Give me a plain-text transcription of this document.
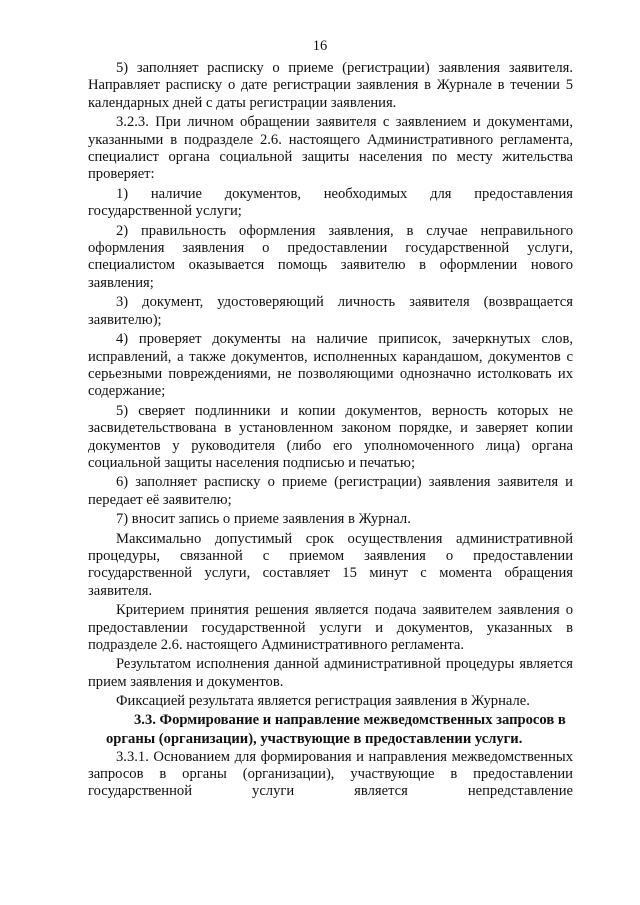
16

5) заполняет расписку о приеме (регистрации) заявления заявителя. Направляет расписку о дате регистрации заявления в Журнале в течении 5 календарных дней с даты регистрации заявления.

3.2.3. При личном обращении заявителя с заявлением и документами, указанными в подразделе 2.6. настоящего Административного регламента, специалист органа социальной защиты населения по месту жительства проверяет:

1) наличие документов, необходимых для предоставления государственной услуги;

2) правильность оформления заявления, в случае неправильного оформления заявления о предоставлении государственной услуги, специалистом оказывается помощь заявителю в оформлении нового заявления;

3) документ, удостоверяющий личность заявителя (возвращается заявителю);

4) проверяет документы на наличие приписок, зачеркнутых слов, исправлений, а также документов, исполненных карандашом, документов с серьезными повреждениями, не позволяющими однозначно истолковать их содержание;

5) сверяет подлинники и копии документов, верность которых не засвидетельствована в установленном законом порядке, и заверяет копии документов у руководителя (либо его уполномоченного лица) органа социальной защиты населения подписью и печатью;

6) заполняет расписку о приеме (регистрации) заявления заявителя и передает её заявителю;

7) вносит запись о приеме заявления в Журнал.

Максимально допустимый срок осуществления административной процедуры, связанной с приемом заявления о предоставлении государственной услуги, составляет 15 минут с момента обращения заявителя.

Критерием принятия решения является подача заявителем заявления о предоставлении государственной услуги и документов, указанных в подразделе 2.6. настоящего Административного регламента.

Результатом исполнения данной административной процедуры является прием заявления и документов.

Фиксацией результата является регистрация заявления в Журнале.

3.3. Формирование и направление межведомственных запросов в органы (организации), участвующие в предоставлении услуги.

3.3.1. Основанием для формирования и направления межведомственных запросов в органы (организации), участвующие в предоставлении государственной услуги является непредставление
